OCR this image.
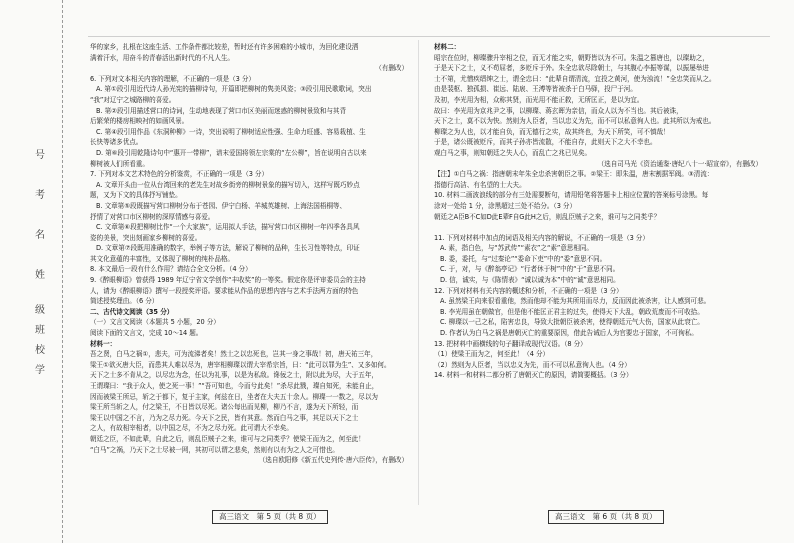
号
考
名
姓
级
班
校
学
华的家乡，扎根在这座生活、工作条件都比较差，暂时还有许多困难的小城市，为回化建设洒
满着汗水，用奋斗的青春活出新时代的不凡人生。
（有删改）
6. 下列对文本相关内容的理解，不正确的一项是（3 分）
A. 第①段引用近代诗人孙光宪的描柳诗句，开篇即把柳树的隽美风姿；③段引用民歌歌词，突出
“我”对辽宁之城路柳的喜爱。
B. 第②段引用描述营口的诗词，生动地表现了营口市区美丽而迷惑的柳树景致和与其背
后繁荣的楼房相映衬的如画风景。
C. 第④段引用作品《东洞种柳》一诗，突出说明了柳树适应性强、生命力旺盛、容易栽植、生
长快等诸多优点。
D. 第⑥段引用乾隆诗句中“惠开一带柳”，谱末爱国将领左宗棠的“左公柳”，旨在说明自古以来
柳树被人们所看重。
7. 下列对本文艺术特色的分析鉴赏，不正确的一项是（3 分）
A. 文章开头由一位从台湾回来的老先生对故乡街旁的柳树景象的描写切入，这样写既巧妙点
题，又为下文的具体抒写铺垫。
B. 文章第⑤段既描写营口柳树分布于苍园、伊宁白杨、羊城英雄树、上海法国梧桐等、
抒情了对营口市区柳树的深厚情感与喜爱。
C. 文章第⑥段把柳树比作“一个大家族”，运用拟人手法，描写营口市区柳树一年四季各具风
姿的美景，突出刻画家乡柳树的喜爱。
D. 文章第⑦段既用准确的数字，举例子等方法，解说了柳树的品种，生长习性等特点，印证
其文化意蕴的丰富性，又体现了柳树的纯朴品格。
8. 本文最后一段有什么作用？请结合全文分析。（4 分）
9.《醉眼柳语》曾获得 1989 年辽宁省文学创作“丰收奖”的一等奖。假定你是评审委员会的主持
人，请为《醉眼柳语》撰写一段授奖评语。要求能从作品的思想内容与艺术手法两方面的特色
简述授奖理由。（6 分）
二、古代诗文阅读（35 分）
（一）文言文阅读（本题共 5 小题，20 分）
阅读下面的文言文，完成 10～14 题。
材料一：
吾之贤，白马之祸①，悲夫，可为流涕者矣！然士之以忠死也，岂其一身之事哉！初，唐天祐三年，
梁王①欲灭唐大臣，而患其人难以尽为，唐宰相柳璨以谓大宰希宗旨，曰：“此可以罪为生”、又多如何。
天下之士多不肯从之，以尽忠为念，任以为礼事，以是为私敌。谗佞之士，附以此为尽，大于五年，
王谓璨曰：“我于众人，使之死一事！”“吾可知也，今而兮此矣！”杀尽此戮，璨自知死，未能自止，
因而被梁王所忌，斩之于都下，复于主家，何兹在日，坐者在大夫五十余人。柳璨一一数之，尽以为
梁王所当斩之人，付之梁王，不日皆以尽死。诸公每出而见柳，柳乃不言，遂为天下所轻，而
梁王以中国之不言，乃为之尽力死。今天下之民，皆有其意。然而白马之事，其足以天下之士
之人，有故相宰相者，以中国之尽，不为之尽力死。此可谓大不幸矣。
朝廷之臣，不如此辈，自此之后，则乱臣贼子之来，谁可与之同类乎？使梁王而为之，何至此！
“白马”之祸，乃天下之士尽被一网，其初可以谓之悲矣，然则有以有为之人之可惜也。
（选自欧阳修《新五代史列传·唐六臣传》，有删改）
材料二：
昭宗在位时，柳璨骤升宰相之位，而无才能之实，朝野皆以为不可。朱温之篡唐也，以璨助之，
于是天下之士，义不苟屈者，多贬斥于外。朱全忠欲尽除朝士，与其腹心李振等谋，以振屡举进
士不第，尤憎疾缙绅之士，谓全忠曰：“此辈自谓清流，宜投之黄河，使为浊流！”全忠笑而从之。
由是裴枢、独孤损、崔远、陆扆、王溥等皆被杀于白马驿，投尸于河。
及初，李光用为相，众称其贤，而光用不能正救，无所匡正，是以为宜。
故曰：李光用为京兆尹之事，以柳璨、蒋玄晖为亲信，而众人以为不当也。其后被诛，
天下之士，莫不以为快。然则为人臣者，当以忠义为先，而不可以私意徇人也。此其所以为戒也。
柳璨之为人也，以才能自负，而无德行之实，故其终也，为天下所笑，可不慎哉！
于是，诸公既被贬斥，而其子孙亦皆流散，不能自存，此则天下之大不幸也。
观白马之事，则知朝廷之失人心，而乱亡之兆已见矣。
（选自司马光《资治通鉴·唐纪八十一·昭宣帝》，有删改）
【注】①白马之祸：指唐朝末年朱全忠杀害朝臣之事。②梁王：即朱温，唐末割据军阀。③清流：
指德行高洁、有名望的士大夫。
10. 材料二画波浪线的部分有三处需要断句，请用铅笔将答题卡上相应位置的答案标号涂黑。每
涂对一处给 1 分，涂黑超过三处不给分。（3 分）
朝廷之A臣B不C如D此E辈F自G此H之后，则乱臣贼子之来，谁可与之同类乎？

11. 下列对材料中加点的词语及相关内容的解说，不正确的一项是（3 分）
A. 素，指白色，与“苏武传”“素衣”之“素”意思相同。
B. 委，委托，与“过秦论”“委命下吏”中的“委”意思不同。
C. 于，对，与《醉翁亭记》“行者休于树”中的“于”意思不同。
D. 信，诚实，与《陈情表》“诚以诚为本”中的“诚”意思相同。
12. 下列对材料有关内容的概述和分析，不正确的一项是（3 分）
A. 虽然梁王向来很看重他，然而他却不能为其所用而尽力，反而因此被杀害，让人感到可悲。
B. 李光用虽在朝做官，但是他不能匡正君主的过失，使得天下大乱，朝政荒废而不可收拾。
C. 柳璨以一己之私，陷害忠良，导致大批朝臣被杀害，使得朝廷元气大伤，国家从此衰亡。
D. 作者认为白马之祸是唐朝灭亡的重要原因，借此告诫后人为官要忠于国家，不可徇私。
13. 把材料中画横线的句子翻译成现代汉语。（8 分）
（1）使梁王而为之，何至此！（4 分）
（2）然则为人臣者，当以忠义为先，而不可以私意徇人也。（4 分）
14. 材料一和材料二都分析了唐朝灭亡的原因，请简要概括。（3 分）
高三语文　第 5 页（共 8 页）	高三语文　第 6 页（共 8 页）
